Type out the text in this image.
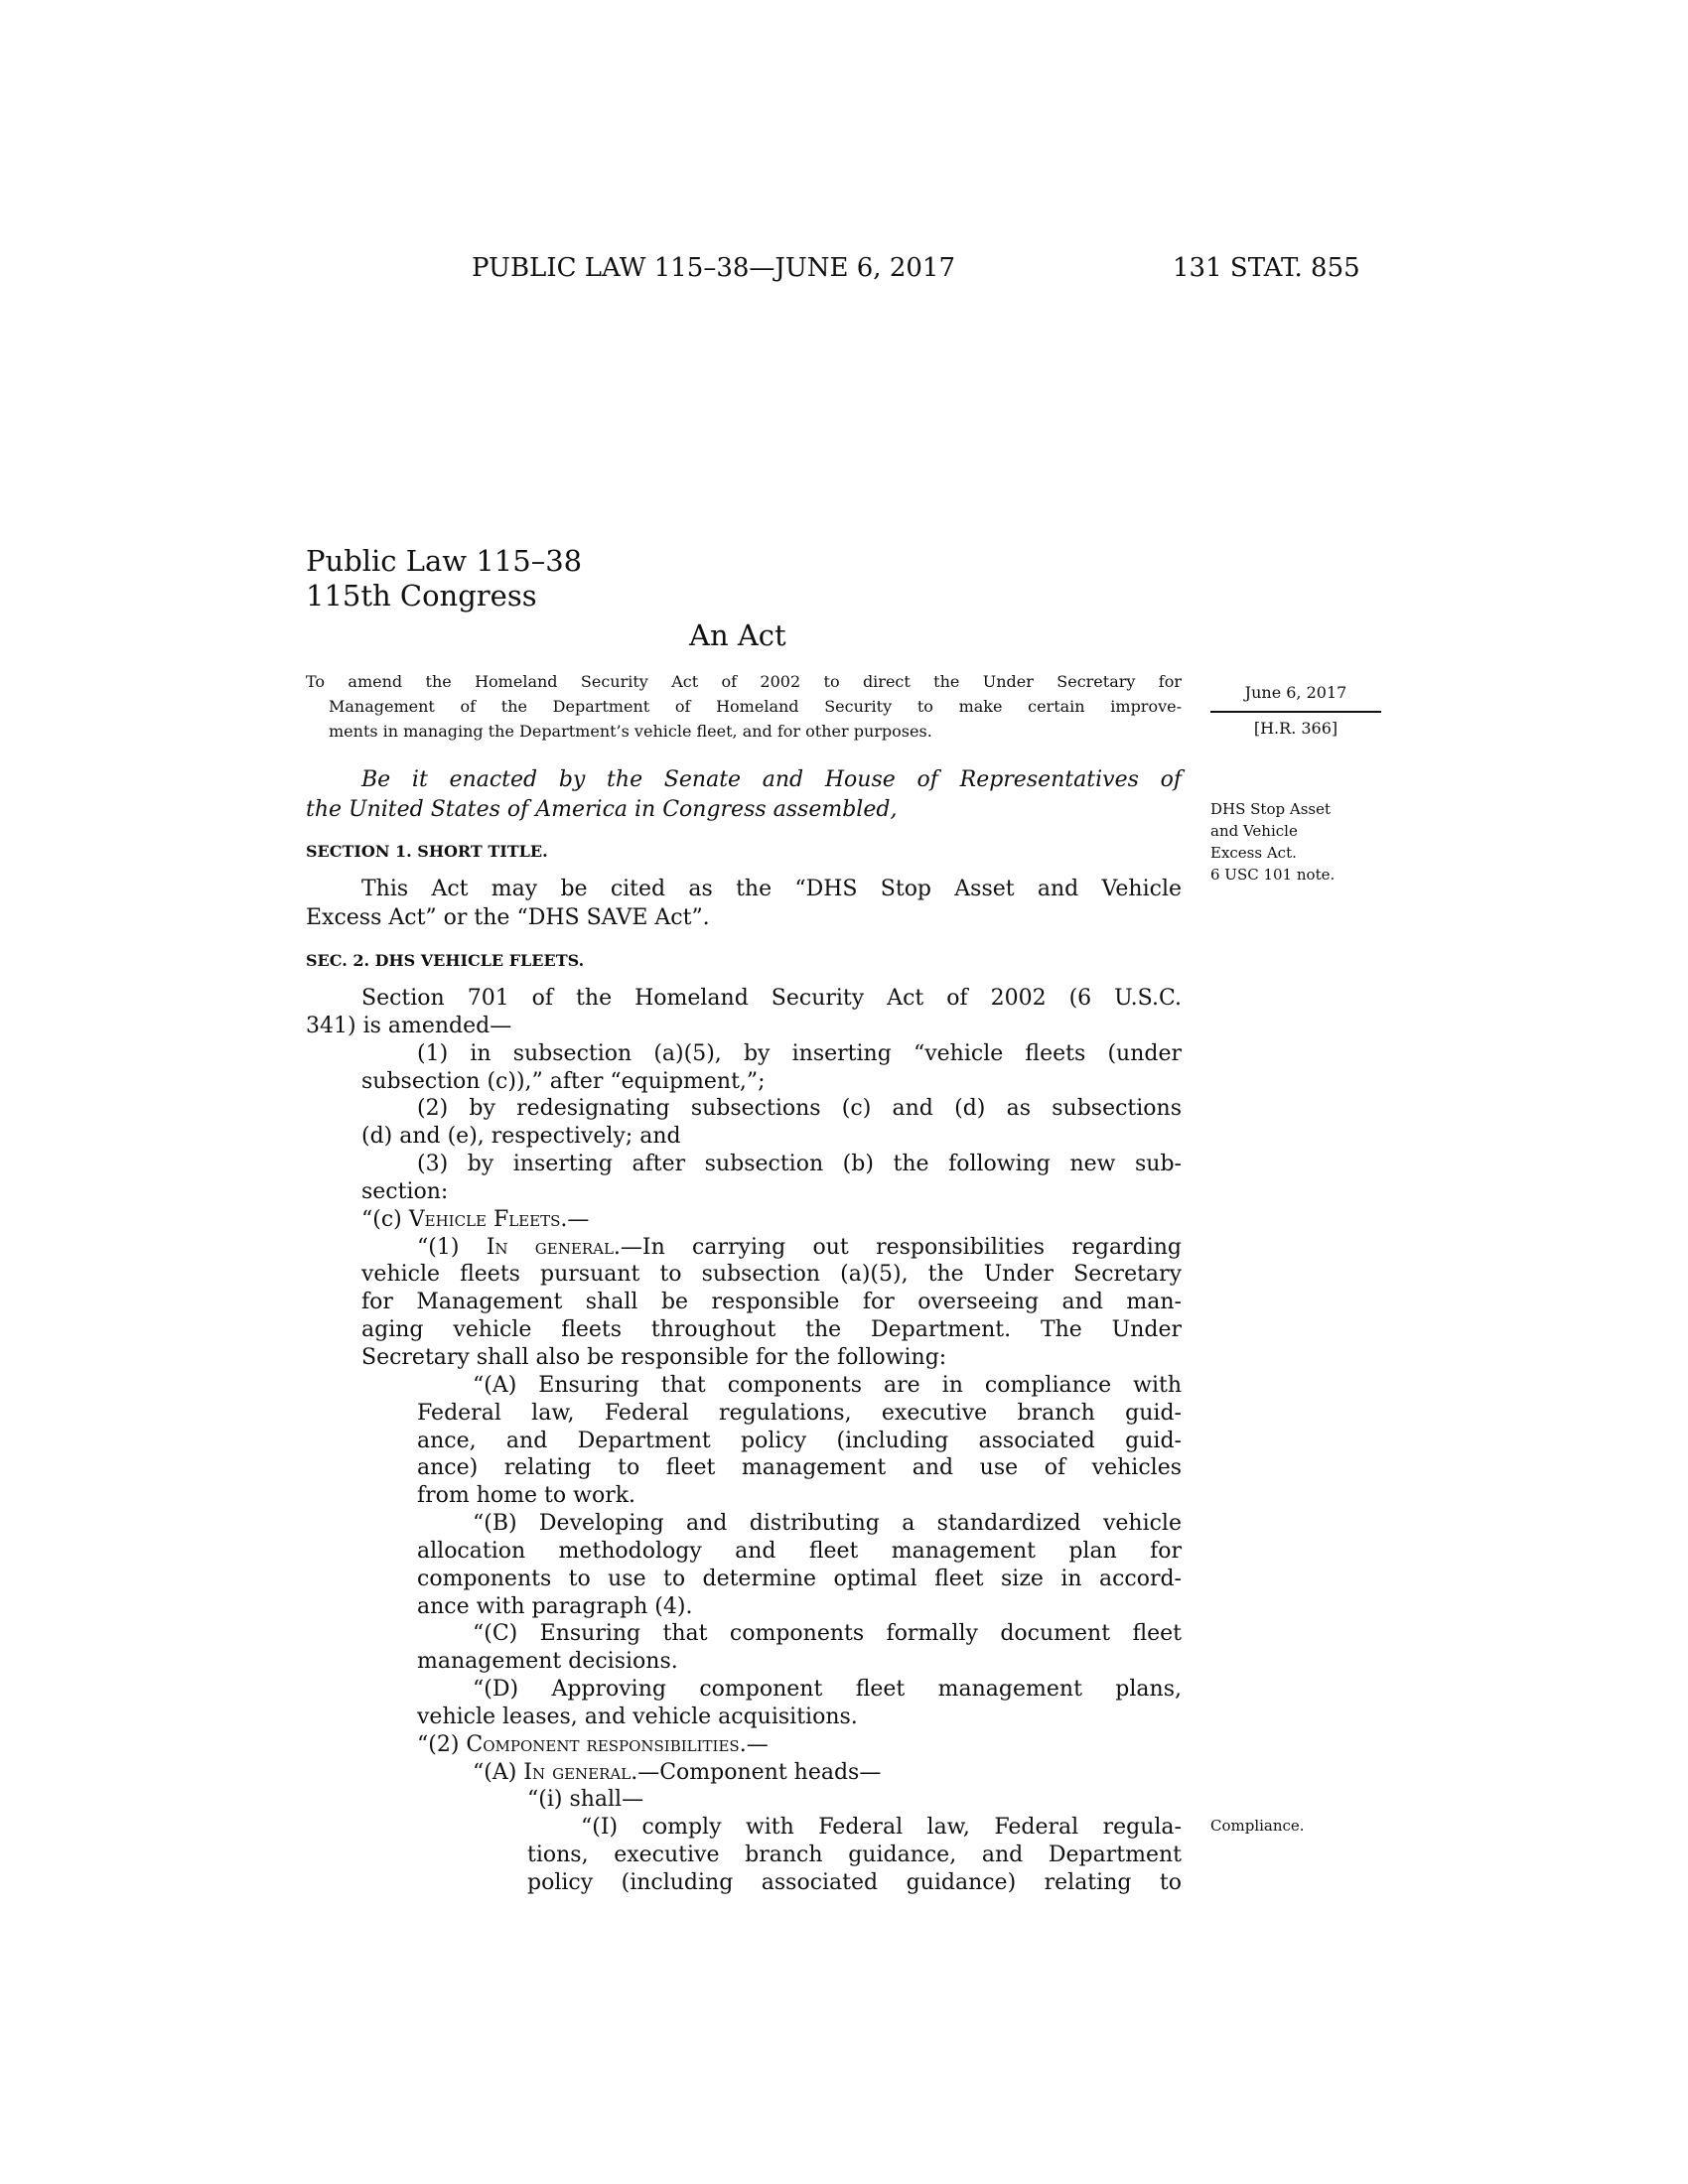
PUBLIC LAW 115–38—JUNE 6, 2017	131 STAT. 855
Public Law 115–38
115th Congress
An Act
To amend the Homeland Security Act of 2002 to direct the Under Secretary for
Management of the Department of Homeland Security to make certain improve-
ments in managing the Department’s vehicle fleet, and for other purposes.
June 6, 2017
[H.R. 366]
Be it enacted by the Senate and House of Representatives of
the United States of America in Congress assembled,	DHS Stop Asset
and Vehicle
Excess Act.
6 USC 101 note.
SECTION 1. SHORT TITLE.
This Act may be cited as the “DHS Stop Asset and Vehicle
Excess Act” or the “DHS SAVE Act”.
SEC. 2. DHS VEHICLE FLEETS.
Section 701 of the Homeland Security Act of 2002 (6 U.S.C.
341) is amended—
(1) in subsection (a)(5), by inserting “vehicle fleets (under
subsection (c)),” after “equipment,”;
(2) by redesignating subsections (c) and (d) as subsections
(d) and (e), respectively; and
(3) by inserting after subsection (b) the following new sub-
section:
“(c) Vehicle Fleets.—
“(1) In general.—In carrying out responsibilities regarding
vehicle fleets pursuant to subsection (a)(5), the Under Secretary
for Management shall be responsible for overseeing and man-
aging vehicle fleets throughout the Department. The Under
Secretary shall also be responsible for the following:
“(A) Ensuring that components are in compliance with
Federal law, Federal regulations, executive branch guid-
ance, and Department policy (including associated guid-
ance) relating to fleet management and use of vehicles
from home to work.
“(B) Developing and distributing a standardized vehicle
allocation methodology and fleet management plan for
components to use to determine optimal fleet size in accord-
ance with paragraph (4).
“(C) Ensuring that components formally document fleet
management decisions.
“(D) Approving component fleet management plans,
vehicle leases, and vehicle acquisitions.
“(2) Component responsibilities.—
“(A) In general.—Component heads—
“(i) shall—
“(I) comply with Federal law, Federal regula-
tions, executive branch guidance, and Department
policy (including associated guidance) relating to
Compliance.
